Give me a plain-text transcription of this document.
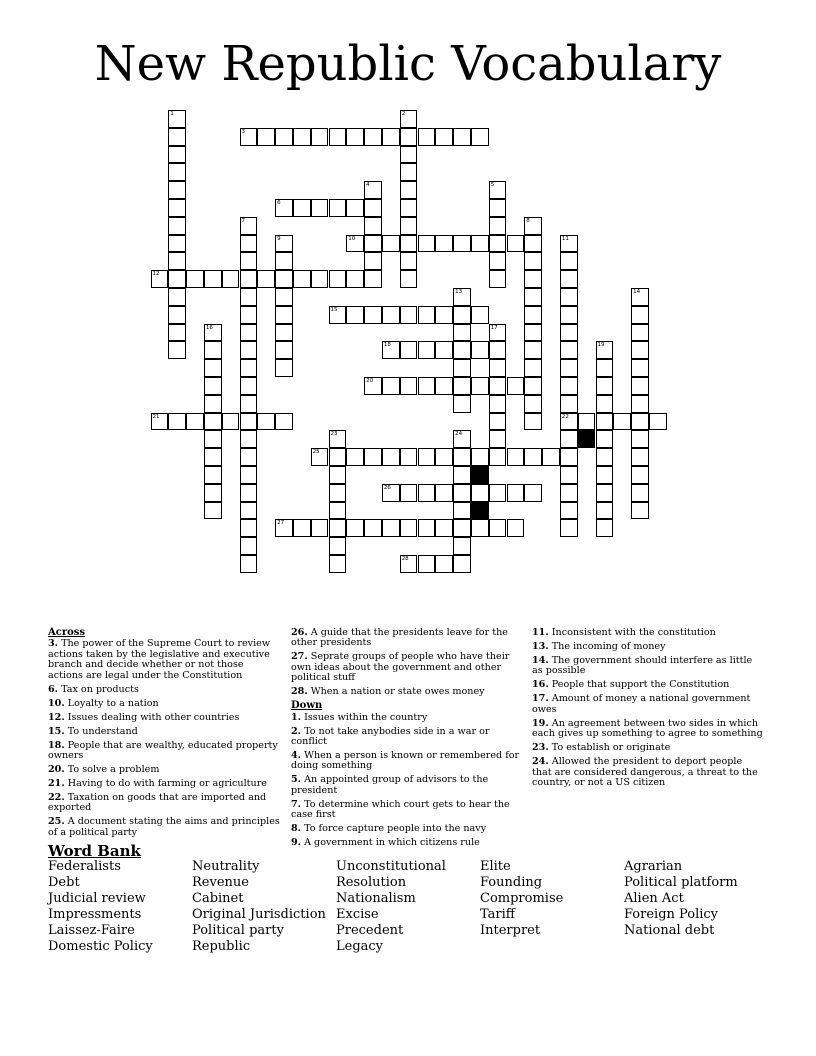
New Republic Vocabulary
3
6
10
12
15
18
20
21	22
25
26
27
28
1	2
4	5
7	8
9	11
13	14
16	17
19
23	24
Across
3. The power of the Supreme Court to review actions taken by the legislative and executive branch and decide whether or not those actions are legal under the Constitution
6. Tax on products
10. Loyalty to a nation
12. Issues dealing with other countries
15. To understand
18. People that are wealthy, educated property owners
20. To solve a problem
21. Having to do with farming or agriculture
22. Taxation on goods that are imported and exported
25. A document stating the aims and principles of a political party
26. A guide that the presidents leave for the other presidents
27. Seprate groups of people who have their own ideas about the government and other political stuff
28. When a nation or state owes money
Down
1. Issues within the country
2. To not take anybodies side in a war or conflict
4. When a person is known or remembered for doing something
5. An appointed group of advisors to the president
7. To determine which court gets to hear the case first
8. To force capture people into the navy
9. A government in which citizens rule
11. Inconsistent with the constitution
13. The incoming of money
14. The government should interfere as little as possible
16. People that support the Constitution
17. Amount of money a national government owes
19. An agreement between two sides in which each gives up something to agree to something
23. To establish or originate
24. Allowed the president to deport people that are considered dangerous, a threat to the country, or not a US citizen
Word Bank
Federalists
Debt
Judicial review
Impressments
Laissez-Faire
Domestic Policy
Neutrality
Revenue
Cabinet
Original Jurisdiction
Political party
Republic
Unconstitutional
Resolution
Nationalism
Excise
Precedent
Legacy
Elite
Founding
Compromise
Tariff
Interpret
Agrarian
Political platform
Alien Act
Foreign Policy
National debt
